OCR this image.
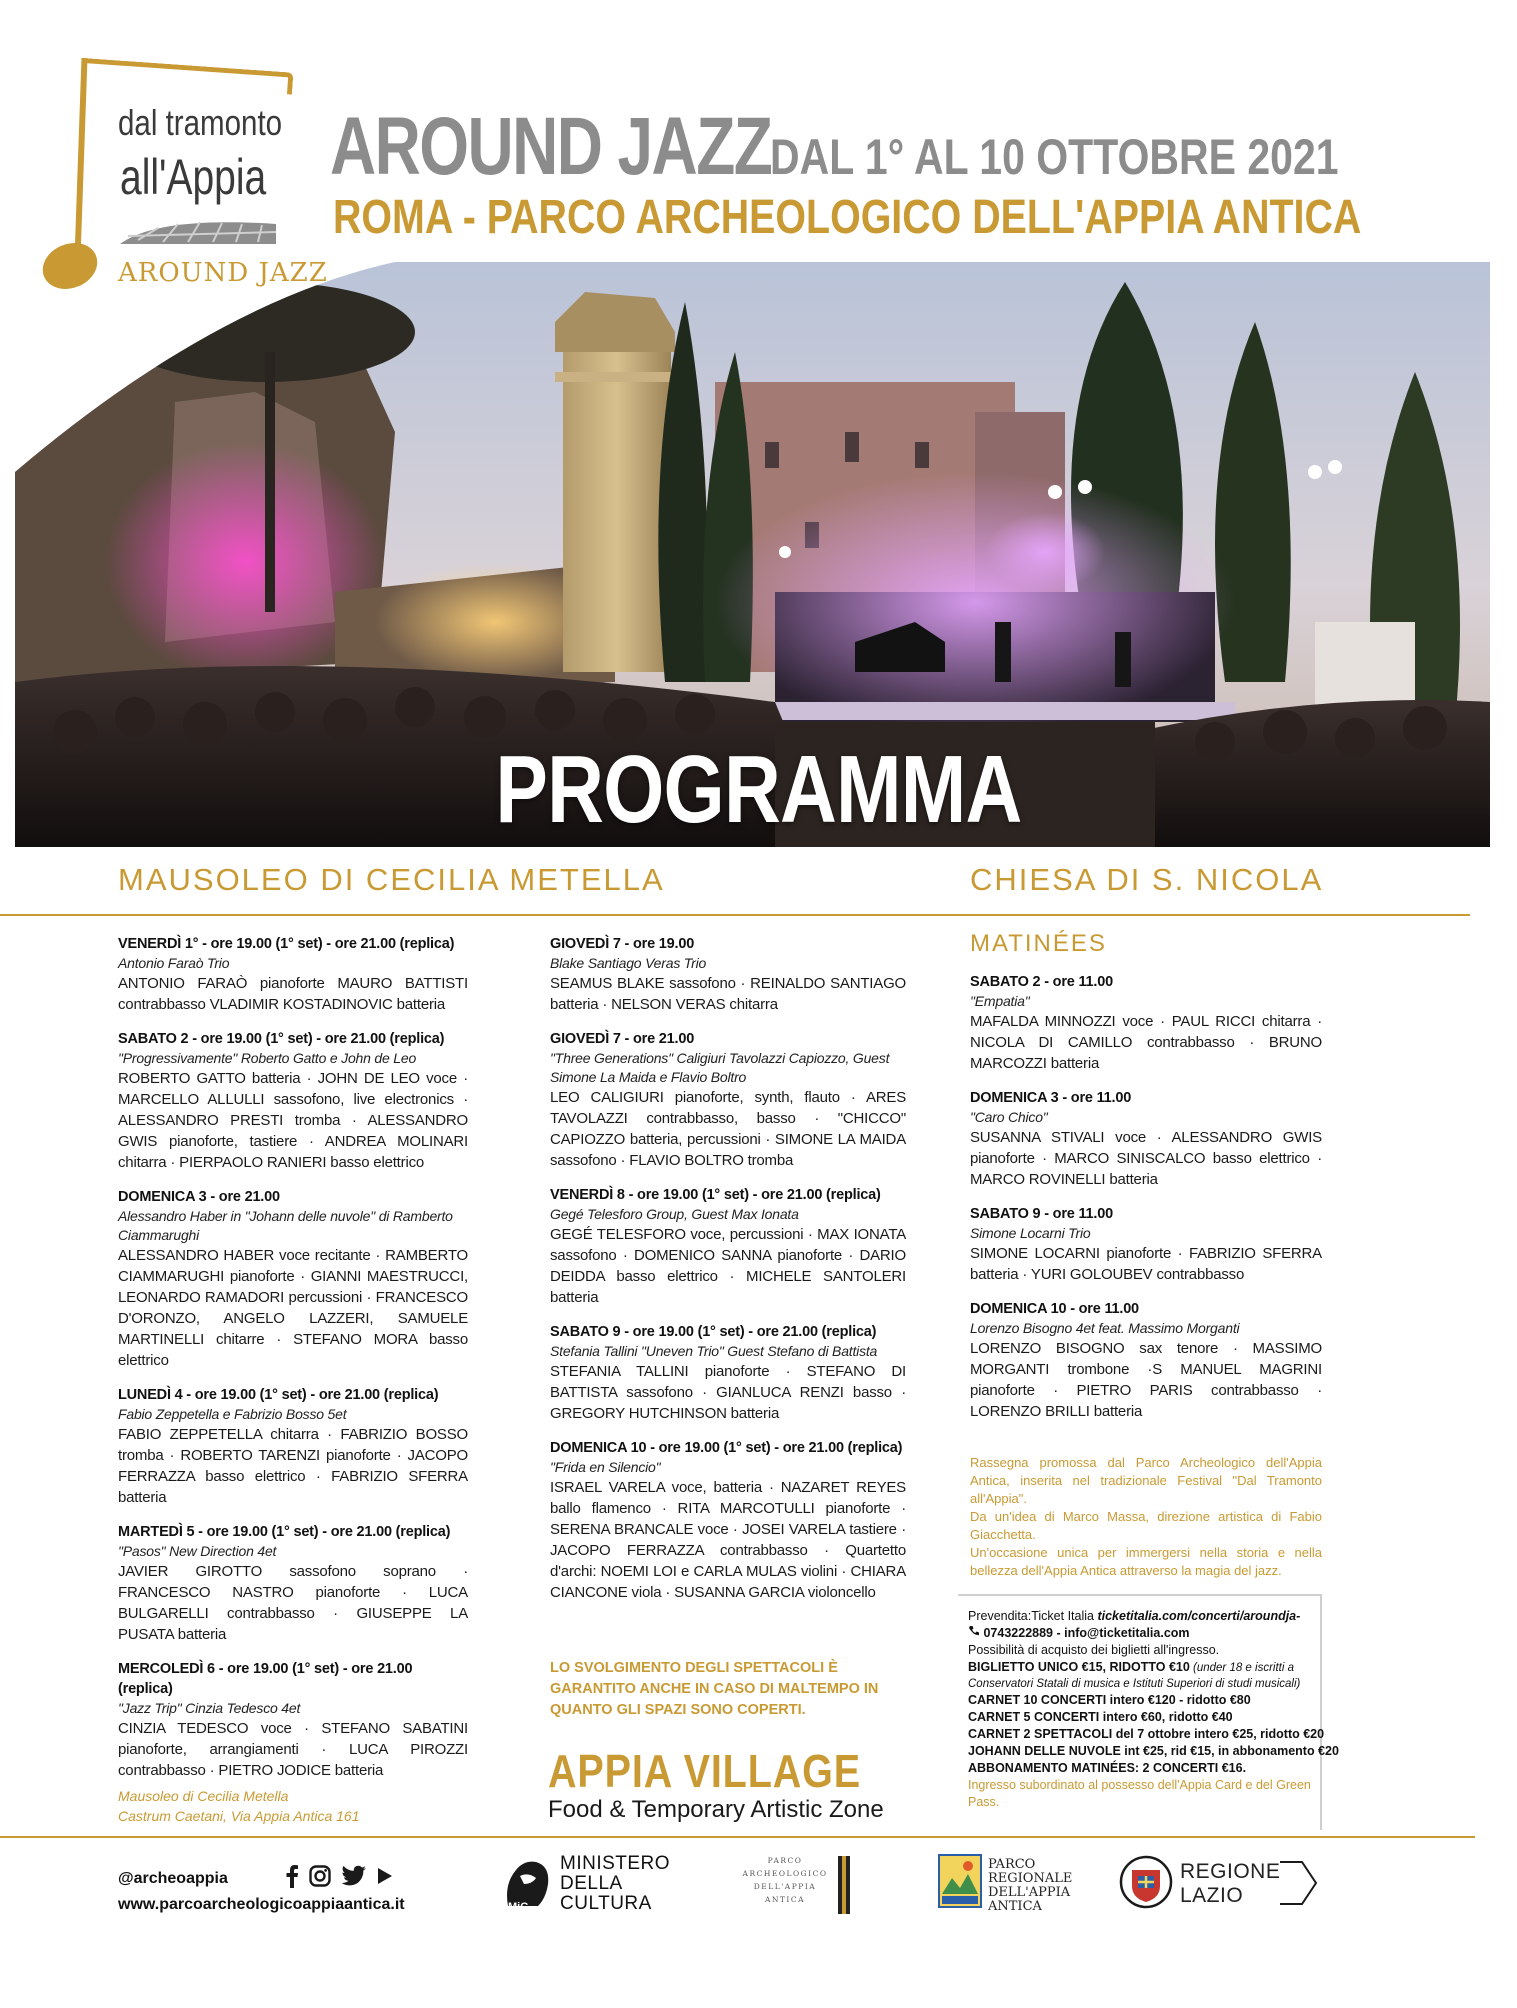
dal tramonto
all'Appia
AROUND JAZZ
AROUND JAZZ
DAL 1° AL 10 OTTOBRE 2021
ROMA - PARCO ARCHEOLOGICO DELL'APPIA ANTICA
PROGRAMMA
MAUSOLEO DI CECILIA METELLA	CHIESA DI S. NICOLA
VENERDÌ 1° - ore 19.00 (1° set) - ore 21.00 (replica)
Antonio Faraò Trio
ANTONIO FARAÒ pianoforte MAURO BATTISTI contrabbasso VLADIMIR KOSTADINOVIC batteria
SABATO 2 - ore 19.00 (1° set) - ore 21.00 (replica)
"Progressivamente" Roberto Gatto e John de Leo
ROBERTO GATTO batteria · JOHN DE LEO voce · MARCELLO ALLULLI sassofono, live electronics · ALESSANDRO PRESTI tromba · ALESSANDRO GWIS pianoforte, tastiere · ANDREA MOLINARI chitarra · PIERPAOLO RANIERI basso elettrico
DOMENICA 3 - ore 21.00
Alessandro Haber in "Johann delle nuvole" di Ramberto Ciammarughi
ALESSANDRO HABER voce recitante · RAMBERTO CIAMMARUGHI pianoforte · GIANNI MAESTRUCCI, LEONARDO RAMADORI percussioni · FRANCESCO D'ORONZO, ANGELO LAZZERI, SAMUELE MARTINELLI chitarre · STEFANO MORA basso elettrico
LUNEDÌ 4 - ore 19.00 (1° set) - ore 21.00 (replica)
Fabio Zeppetella e Fabrizio Bosso 5et
FABIO ZEPPETELLA chitarra · FABRIZIO BOSSO tromba · ROBERTO TARENZI pianoforte · JACOPO FERRAZZA basso elettrico · FABRIZIO SFERRA batteria
MARTEDÌ 5 - ore 19.00 (1° set) - ore 21.00 (replica)
"Pasos" New Direction 4et
JAVIER GIROTTO sassofono soprano · FRANCESCO NASTRO pianoforte · LUCA BULGARELLI contrabbasso · GIUSEPPE LA PUSATA batteria
MERCOLEDÌ 6 - ore 19.00 (1° set) - ore 21.00 (replica)
"Jazz Trip" Cinzia Tedesco 4et
CINZIA TEDESCO voce · STEFANO SABATINI pianoforte, arrangiamenti · LUCA PIROZZI contrabbasso · PIETRO JODICE batteria
Mausoleo di Cecilia Metella
Castrum Caetani, Via Appia Antica 161
GIOVEDÌ 7 - ore 19.00
Blake Santiago Veras Trio
SEAMUS BLAKE sassofono · REINALDO SANTIAGO batteria · NELSON VERAS chitarra
GIOVEDÌ 7 - ore 21.00
"Three Generations" Caligiuri Tavolazzi Capiozzo, Guest Simone La Maida e Flavio Boltro
LEO CALIGIURI pianoforte, synth, flauto · ARES TAVOLAZZI contrabbasso, basso · "CHICCO" CAPIOZZO batteria, percussioni · SIMONE LA MAIDA sassofono · FLAVIO BOLTRO tromba
VENERDÌ 8 - ore 19.00 (1° set) - ore 21.00 (replica)
Gegé Telesforo Group, Guest Max Ionata
GEGÉ TELESFORO voce, percussioni · MAX IONATA sassofono · DOMENICO SANNA pianoforte · DARIO DEIDDA basso elettrico · MICHELE SANTOLERI batteria
SABATO 9 - ore 19.00 (1° set) - ore 21.00 (replica)
Stefania Tallini "Uneven Trio" Guest Stefano di Battista
STEFANIA TALLINI pianoforte · STEFANO DI BATTISTA sassofono · GIANLUCA RENZI basso · GREGORY HUTCHINSON batteria
DOMENICA 10 - ore 19.00 (1° set) - ore 21.00 (replica)
"Frida en Silencio"
ISRAEL VARELA voce, batteria · NAZARET REYES ballo flamenco · RITA MARCOTULLI pianoforte · SERENA BRANCALE voce · JOSEI VARELA tastiere · JACOPO FERRAZZA contrabbasso · Quartetto d'archi: NOEMI LOI e CARLA MULAS violini · CHIARA CIANCONE viola · SUSANNA GARCIA violoncello
LO SVOLGIMENTO DEGLI SPETTACOLI È GARANTITO ANCHE IN CASO DI MALTEMPO IN QUANTO GLI SPAZI SONO COPERTI.
APPIA VILLAGE
Food & Temporary Artistic Zone
MATINÉES
SABATO 2 - ore 11.00
"Empatia"
MAFALDA MINNOZZI voce · PAUL RICCI chitarra · NICOLA DI CAMILLO contrabbasso · BRUNO MARCOZZI batteria
DOMENICA 3 - ore 11.00
"Caro Chico"
SUSANNA STIVALI voce · ALESSANDRO GWIS pianoforte · MARCO SINISCALCO basso elettrico · MARCO ROVINELLI batteria
SABATO 9 - ore 11.00
Simone Locarni Trio
SIMONE LOCARNI pianoforte · FABRIZIO SFERRA batteria · YURI GOLOUBEV contrabbasso
DOMENICA 10 - ore 11.00
Lorenzo Bisogno 4et feat. Massimo Morganti
LORENZO BISOGNO sax tenore · MASSIMO MORGANTI trombone ·S MANUEL MAGRINI pianoforte · PIETRO PARIS contrabbasso · LORENZO BRILLI batteria

Rassegna promossa dal Parco Archeologico dell'Appia Antica, inserita nel tradizionale Festival "Dal Tramonto all'Appia".

Da un'idea di Marco Massa, direzione artistica di Fabio Giacchetta.

Un'occasione unica per immergersi nella storia e nella bellezza dell'Appia Antica attraverso la magia del jazz.

Prevendita:Ticket Italia ticketitalia.com/concerti/aroundja-
0743222889 - info@ticketitalia.com
Possibilità di acquisto dei biglietti all'ingresso.
BIGLIETTO UNICO €15, RIDOTTO €10 (under 18 e iscritti a
Conservatori Statali di musica e Istituti Superiori di studi musicali)
CARNET 10 CONCERTI intero €120 - ridotto €80
CARNET 5 CONCERTI intero €60, ridotto €40
CARNET 2 SPETTACOLI del 7 ottobre intero €25, ridotto €20
JOHANN DELLE NUVOLE int €25, rid €15, in abbonamento €20
ABBONAMENTO MATINÉES: 2 CONCERTI €16.
Ingresso subordinato al possesso dell'Appia Card e del Green Pass.
@archeoappia
www.parcoarcheologicoappiaantica.it	MiC
MINISTERO
DELLA
CULTURA
PARCO
ARCHEOLOGICO
DELL'APPIA
ANTICA
PARCO
REGIONALE
DELL'APPIA
ANTICA
REGIONE
LAZIO
